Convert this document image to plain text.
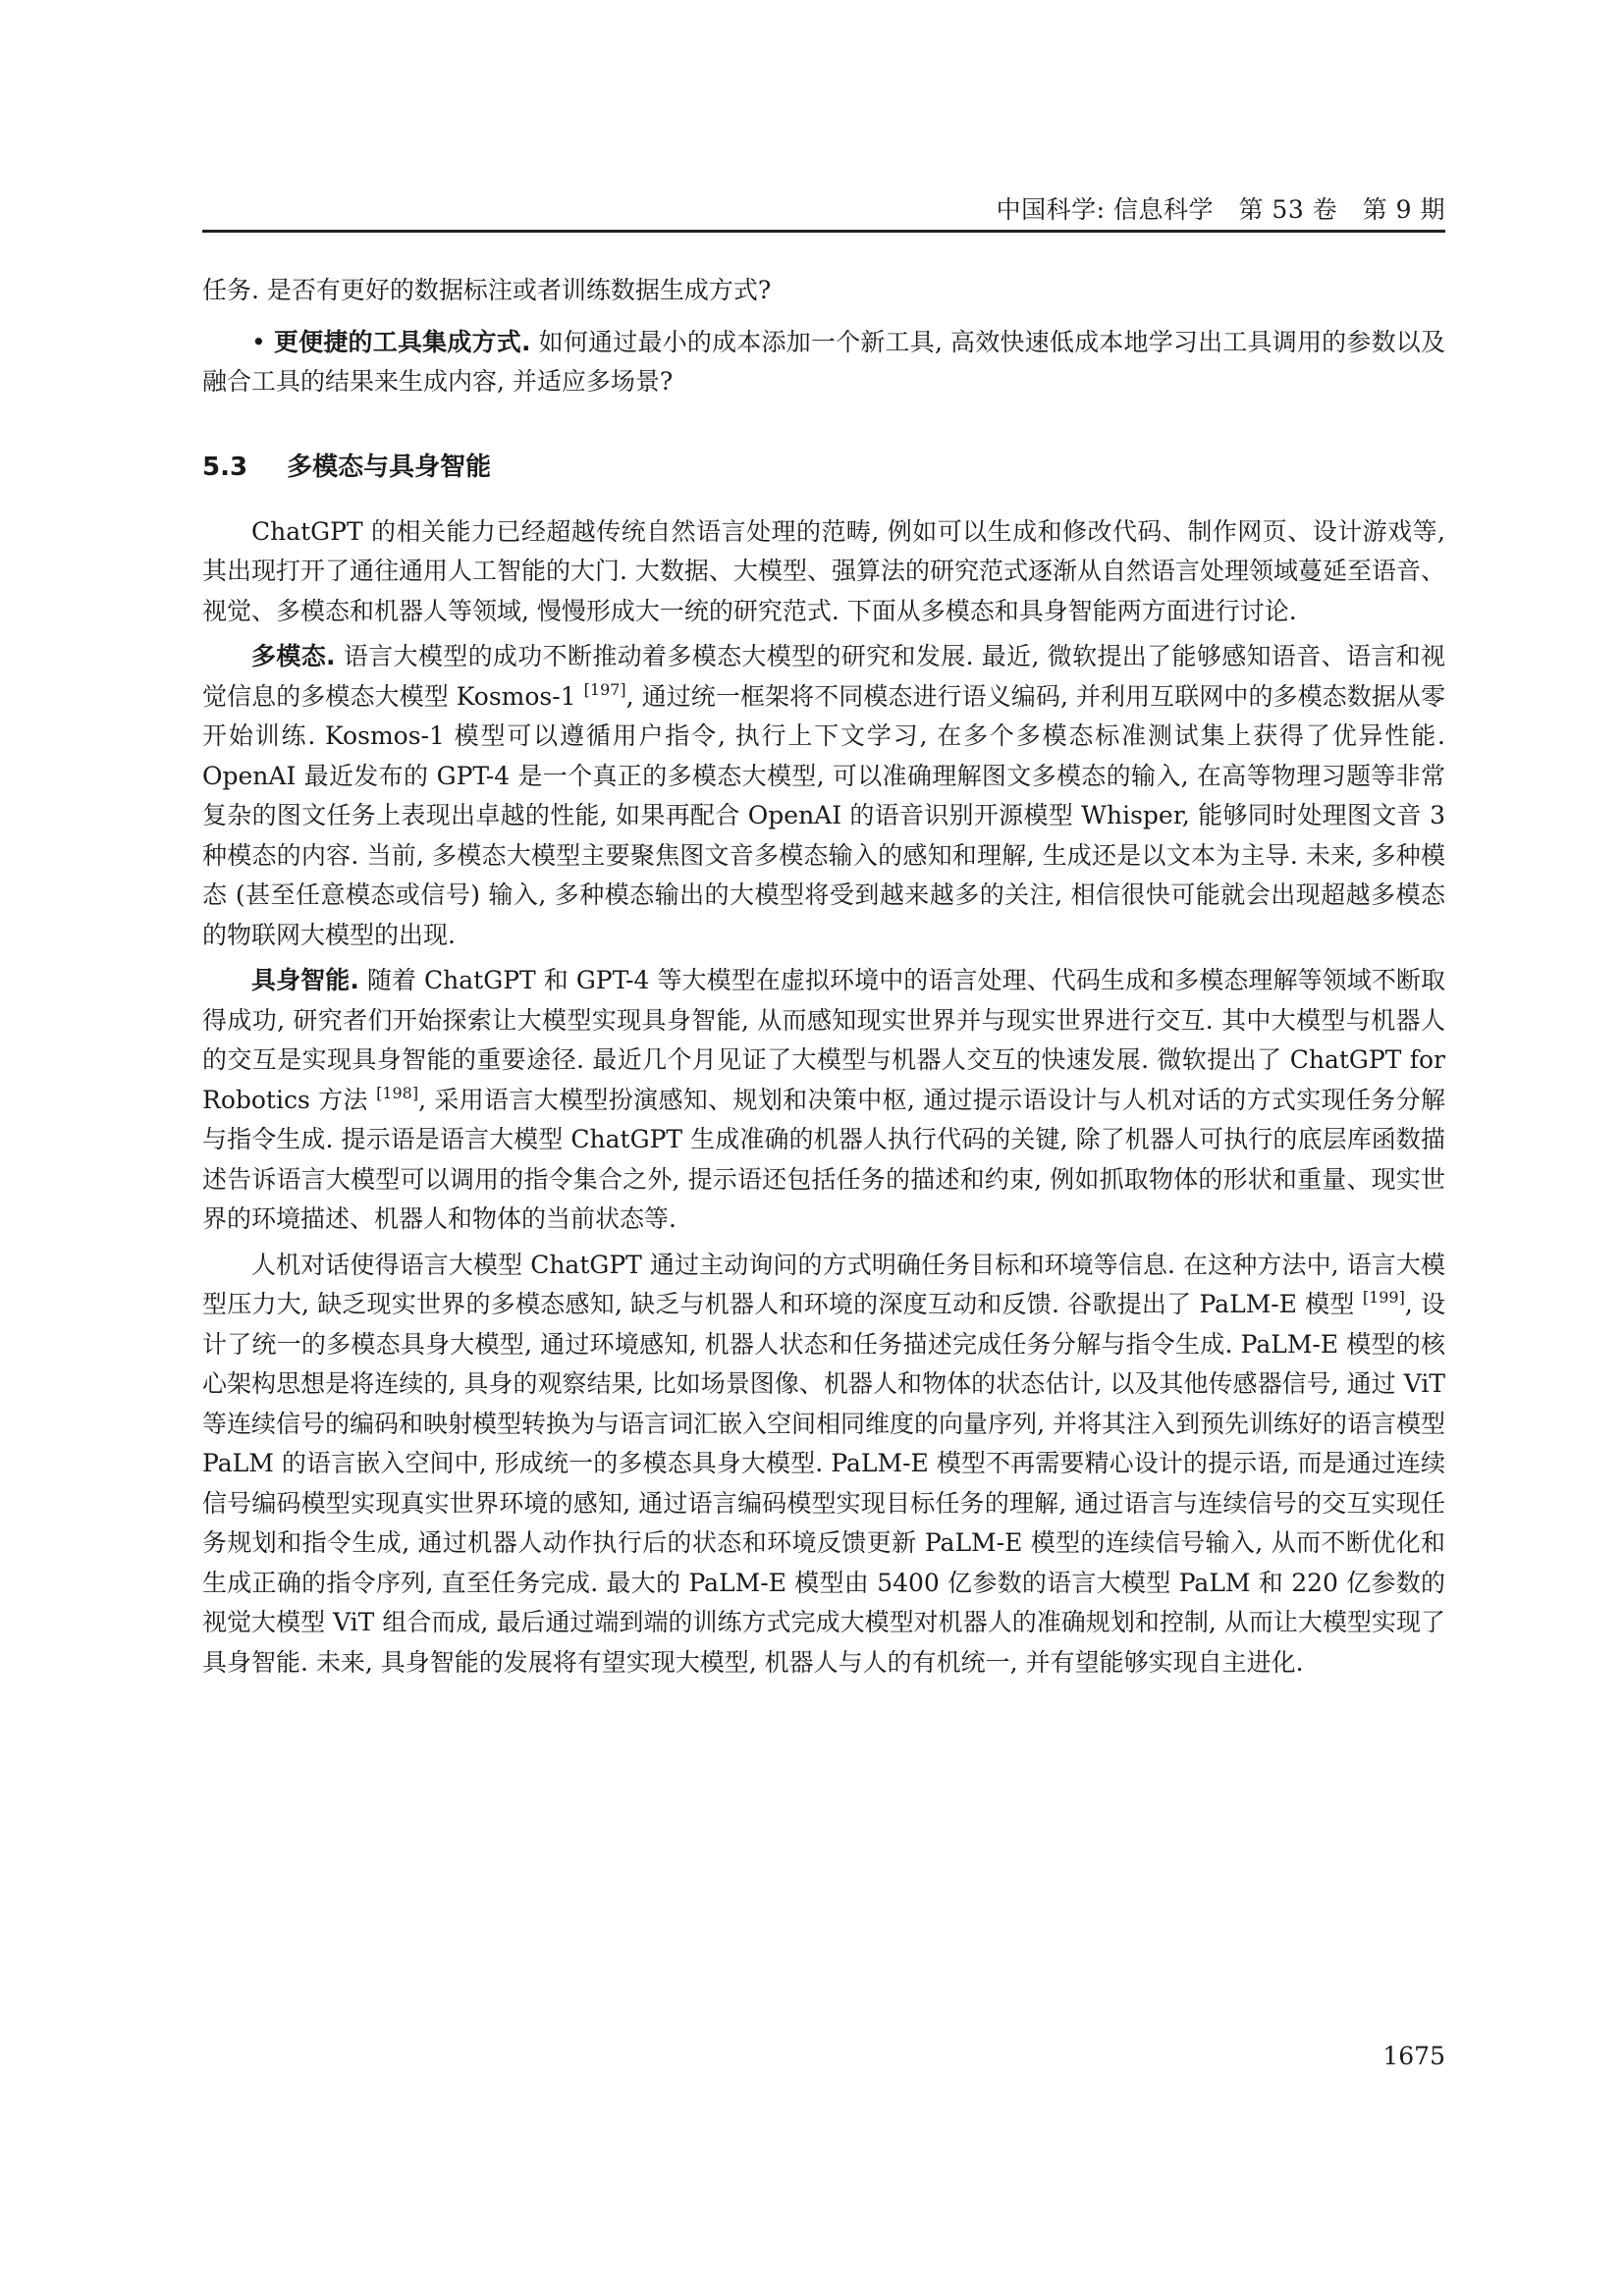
中国科学: 信息科学　第 53 卷　第 9 期

任务. 是否有更好的数据标注或者训练数据生成方式?

• 更便捷的工具集成方式. 如何通过最小的成本添加一个新工具, 高效快速低成本地学习出工具调用的参数以及融合工具的结果来生成内容, 并适应多场景?

5.3 多模态与具身智能

ChatGPT 的相关能力已经超越传统自然语言处理的范畴, 例如可以生成和修改代码、制作网页、设计游戏等, 其出现打开了通往通用人工智能的大门. 大数据、大模型、强算法的研究范式逐渐从自然语言处理领域蔓延至语音、视觉、多模态和机器人等领域, 慢慢形成大一统的研究范式. 下面从多模态和具身智能两方面进行讨论.

多模态. 语言大模型的成功不断推动着多模态大模型的研究和发展. 最近, 微软提出了能够感知语音、语言和视觉信息的多模态大模型 Kosmos-1 [197], 通过统一框架将不同模态进行语义编码, 并利用互联网中的多模态数据从零开始训练. Kosmos-1 模型可以遵循用户指令, 执行上下文学习, 在多个多模态标准测试集上获得了优异性能. OpenAI 最近发布的 GPT-4 是一个真正的多模态大模型, 可以准确理解图文多模态的输入, 在高等物理习题等非常复杂的图文任务上表现出卓越的性能, 如果再配合 OpenAI 的语音识别开源模型 Whisper, 能够同时处理图文音 3 种模态的内容. 当前, 多模态大模型主要聚焦图文音多模态输入的感知和理解, 生成还是以文本为主导. 未来, 多种模态 (甚至任意模态或信号) 输入, 多种模态输出的大模型将受到越来越多的关注, 相信很快可能就会出现超越多模态的物联网大模型的出现.

具身智能. 随着 ChatGPT 和 GPT-4 等大模型在虚拟环境中的语言处理、代码生成和多模态理解等领域不断取得成功, 研究者们开始探索让大模型实现具身智能, 从而感知现实世界并与现实世界进行交互. 其中大模型与机器人的交互是实现具身智能的重要途径. 最近几个月见证了大模型与机器人交互的快速发展. 微软提出了 ChatGPT for Robotics 方法 [198], 采用语言大模型扮演感知、规划和决策中枢, 通过提示语设计与人机对话的方式实现任务分解与指令生成. 提示语是语言大模型 ChatGPT 生成准确的机器人执行代码的关键, 除了机器人可执行的底层库函数描述告诉语言大模型可以调用的指令集合之外, 提示语还包括任务的描述和约束, 例如抓取物体的形状和重量、现实世界的环境描述、机器人和物体的当前状态等.

人机对话使得语言大模型 ChatGPT 通过主动询问的方式明确任务目标和环境等信息. 在这种方法中, 语言大模型压力大, 缺乏现实世界的多模态感知, 缺乏与机器人和环境的深度互动和反馈. 谷歌提出了 PaLM-E 模型 [199], 设计了统一的多模态具身大模型, 通过环境感知, 机器人状态和任务描述完成任务分解与指令生成. PaLM-E 模型的核心架构思想是将连续的, 具身的观察结果, 比如场景图像、机器人和物体的状态估计, 以及其他传感器信号, 通过 ViT 等连续信号的编码和映射模型转换为与语言词汇嵌入空间相同维度的向量序列, 并将其注入到预先训练好的语言模型 PaLM 的语言嵌入空间中, 形成统一的多模态具身大模型. PaLM-E 模型不再需要精心设计的提示语, 而是通过连续信号编码模型实现真实世界环境的感知, 通过语言编码模型实现目标任务的理解, 通过语言与连续信号的交互实现任务规划和指令生成, 通过机器人动作执行后的状态和环境反馈更新 PaLM-E 模型的连续信号输入, 从而不断优化和生成正确的指令序列, 直至任务完成. 最大的 PaLM-E 模型由 5400 亿参数的语言大模型 PaLM 和 220 亿参数的视觉大模型 ViT 组合而成, 最后通过端到端的训练方式完成大模型对机器人的准确规划和控制, 从而让大模型实现了具身智能. 未来, 具身智能的发展将有望实现大模型, 机器人与人的有机统一, 并有望能够实现自主进化.

1675
